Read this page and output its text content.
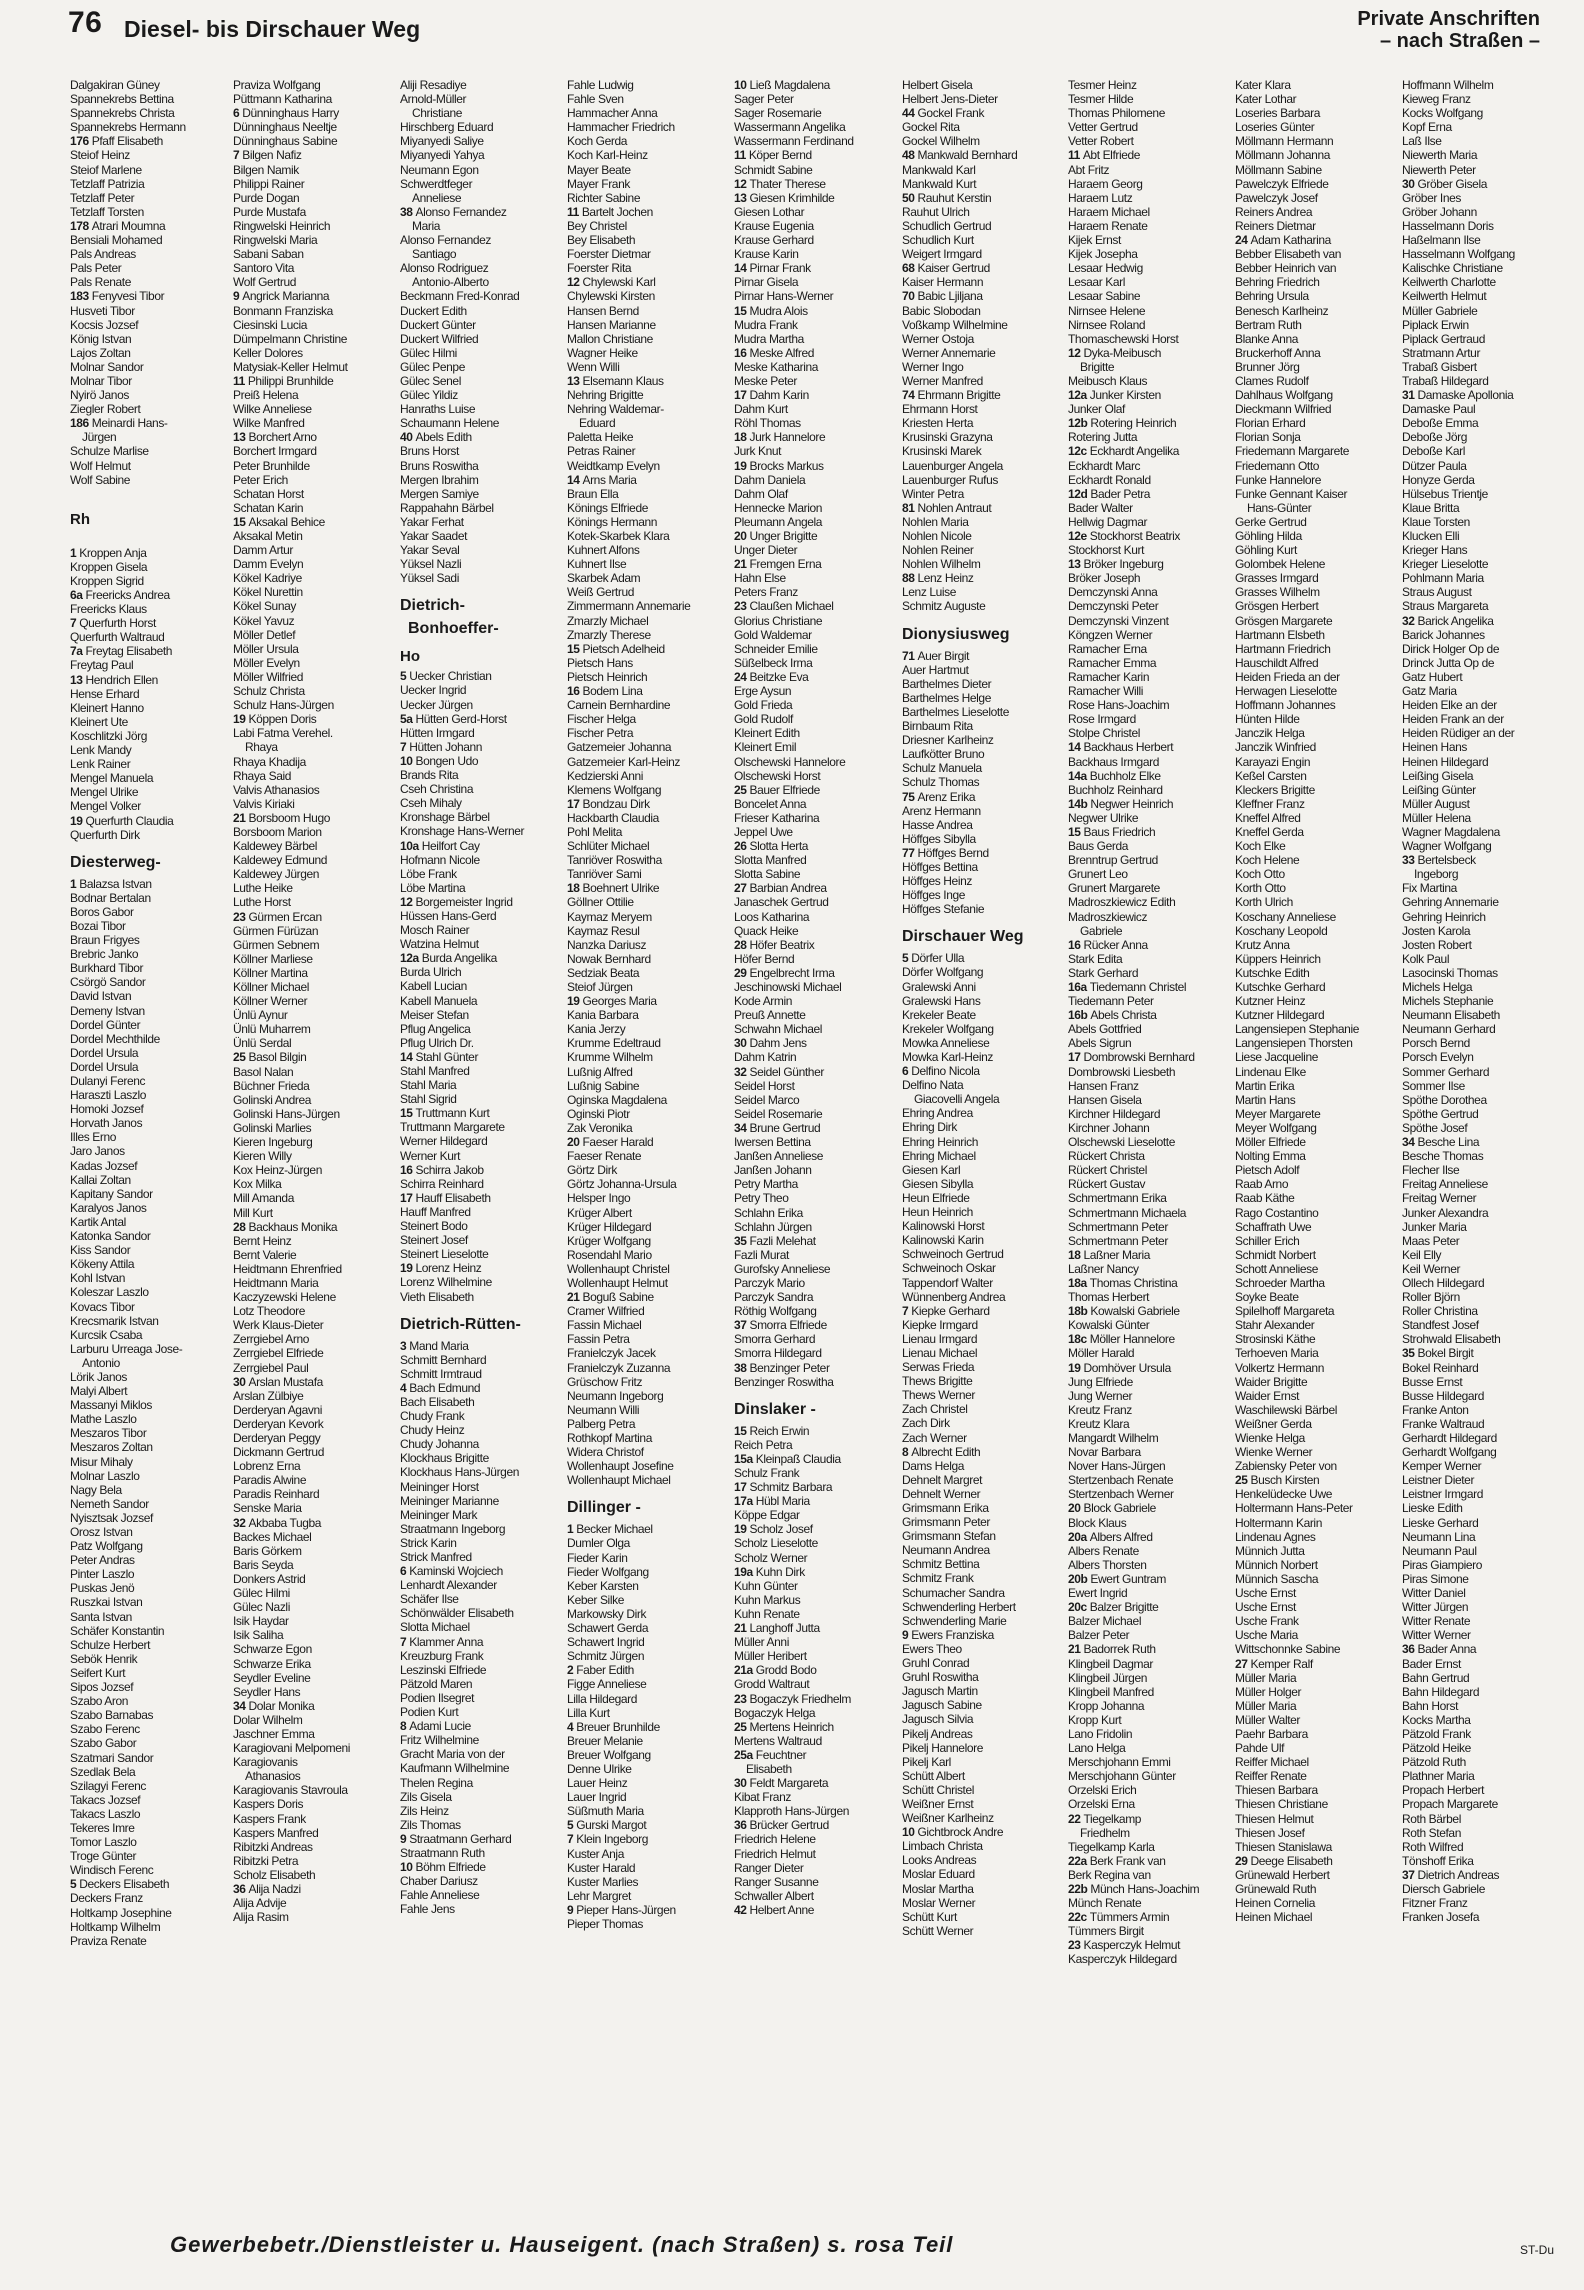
76 Diesel- bis Dirschauer Weg	Private Anschriften
– nach Straßen –
Dalgakiran Güney
Spannekrebs Bettina
Spannekrebs Christa
Spannekrebs Hermann
176 Pfaff Elisabeth
Steiof Heinz
Steiof Marlene
Tetzlaff Patrizia
Tetzlaff Peter
Tetzlaff Torsten
178 Atrari Moumna
Bensiali Mohamed
Pals Andreas
Pals Peter
Pals Renate
183 Fenyvesi Tibor
Husveti Tibor
Kocsis Jozsef
König Istvan
Lajos Zoltan
Molnar Sandor
Molnar Tibor
Nyirö Janos
Ziegler Robert
186 Meinardi Hans-
Jürgen
Schulze Marlise
Wolf Helmut
Wolf Sabine
Rh
1 Kroppen Anja
Kroppen Gisela
Kroppen Sigrid
6a Freericks Andrea
Freericks Klaus
7 Querfurth Horst
Querfurth Waltraud
7a Freytag Elisabeth
Freytag Paul
13 Hendrich Ellen
Hense Erhard
Kleinert Hanno
Kleinert Ute
Koschlitzki Jörg
Lenk Mandy
Lenk Rainer
Mengel Manuela
Mengel Ulrike
Mengel Volker
19 Querfurth Claudia
Querfurth Dirk
Diesterweg-
1 Balazsa Istvan
Bodnar Bertalan
Boros Gabor
Bozai Tibor
Braun Frigyes
Brebric Janko
Burkhard Tibor
Csörgö Sandor
David Istvan
Demeny Istvan
Dordel Günter
Dordel Mechthilde
Dordel Ursula
Dordel Ursula
Dulanyi Ferenc
Haraszti Laszlo
Homoki Jozsef
Horvath Janos
Illes Erno
Jaro Janos
Kadas Jozsef
Kallai Zoltan
Kapitany Sandor
Karalyos Janos
Kartik Antal
Katonka Sandor
Kiss Sandor
Kökeny Attila
Kohl Istvan
Koleszar Laszlo
Kovacs Tibor
Krecsmarik Istvan
Kurcsik Csaba
Larburu Urreaga Jose-
Antonio
Lörik Janos
Malyi Albert
Massanyi Miklos
Mathe Laszlo
Meszaros Tibor
Meszaros Zoltan
Misur Mihaly
Molnar Laszlo
Nagy Bela
Nemeth Sandor
Nyisztsak Jozsef
Orosz Istvan
Patz Wolfgang
Peter Andras
Pinter Laszlo
Puskas Jenö
Ruszkai Istvan
Santa Istvan
Schäfer Konstantin
Schulze Herbert
Sebök Henrik
Seifert Kurt
Sipos Jozsef
Szabo Aron
Szabo Barnabas
Szabo Ferenc
Szabo Gabor
Szatmari Sandor
Szedlak Bela
Szilagyi Ferenc
Takacs Jozsef
Takacs Laszlo
Tekeres Imre
Tomor Laszlo
Troge Günter
Windisch Ferenc
5 Deckers Elisabeth
Deckers Franz
Holtkamp Josephine
Holtkamp Wilhelm
Praviza Renate
Praviza Wolfgang
Püttmann Katharina
6 Dünninghaus Harry
Dünninghaus Neeltje
Dünninghaus Sabine
7 Bilgen Nafiz
Bilgen Namik
Philippi Rainer
Purde Dogan
Purde Mustafa
Ringwelski Heinrich
Ringwelski Maria
Sabani Saban
Santoro Vita
Wolf Gertrud
9 Angrick Marianna
Bonmann Franziska
Ciesinski Lucia
Dümpelmann Christine
Keller Dolores
Matysiak-Keller Helmut
11 Philippi Brunhilde
Preiß Helena
Wilke Anneliese
Wilke Manfred
13 Borchert Arno
Borchert Irmgard
Peter Brunhilde
Peter Erich
Schatan Horst
Schatan Karin
15 Aksakal Behice
Aksakal Metin
Damm Artur
Damm Evelyn
Kökel Kadriye
Kökel Nurettin
Kökel Sunay
Kökel Yavuz
Möller Detlef
Möller Ursula
Möller Evelyn
Möller Wilfried
Schulz Christa
Schulz Hans-Jürgen
19 Köppen Doris
Labi Fatma Verehel.
Rhaya
Rhaya Khadija
Rhaya Said
Valvis Athanasios
Valvis Kiriaki
21 Borsboom Hugo
Borsboom Marion
Kaldewey Bärbel
Kaldewey Edmund
Kaldewey Jürgen
Luthe Heike
Luthe Horst
23 Gürmen Ercan
Gürmen Fürüzan
Gürmen Sebnem
Köllner Marliese
Köllner Martina
Köllner Michael
Köllner Werner
Ünlü Aynur
Ünlü Muharrem
Ünlü Serdal
25 Basol Bilgin
Basol Nalan
Büchner Frieda
Golinski Andrea
Golinski Hans-Jürgen
Golinski Marlies
Kieren Ingeburg
Kieren Willy
Kox Heinz-Jürgen
Kox Milka
Mill Amanda
Mill Kurt
28 Backhaus Monika
Bernt Heinz
Bernt Valerie
Heidtmann Ehrenfried
Heidtmann Maria
Kaczyzewski Helene
Lotz Theodore
Werk Klaus-Dieter
Zerrgiebel Arno
Zerrgiebel Elfriede
Zerrgiebel Paul
30 Arslan Mustafa
Arslan Zülbiye
Derderyan Agavni
Derderyan Kevork
Derderyan Peggy
Dickmann Gertrud
Lobrenz Erna
Paradis Alwine
Paradis Reinhard
Senske Maria
32 Akbaba Tugba
Backes Michael
Baris Görkem
Baris Seyda
Donkers Astrid
Gülec Hilmi
Gülec Nazli
Isik Haydar
Isik Saliha
Schwarze Egon
Schwarze Erika
Seydler Eveline
Seydler Hans
34 Dolar Monika
Dolar Wilhelm
Jaschner Emma
Karagiovani Melpomeni
Karagiovanis
Athanasios
Karagiovanis Stavroula
Kaspers Doris
Kaspers Frank
Kaspers Manfred
Ribitzki Andreas
Ribitzki Petra
Scholz Elisabeth
36 Alija Nadzi
Alija Advije
Alija Rasim
Aliji Resadiye
Arnold-Müller
Christiane
Hirschberg Eduard
Miyanyedi Saliye
Miyanyedi Yahya
Neumann Egon
Schwerdtfeger
Anneliese
38 Alonso Fernandez
Maria
Alonso Fernandez
Santiago
Alonso Rodriguez
Antonio-Alberto
Beckmann Fred-Konrad
Duckert Edith
Duckert Günter
Duckert Wilfried
Gülec Hilmi
Gülec Penpe
Gülec Senel
Gülec Yildiz
Hanraths Luise
Schaumann Helene
40 Abels Edith
Bruns Horst
Bruns Roswitha
Mergen Ibrahim
Mergen Samiye
Rappahahn Bärbel
Yakar Ferhat
Yakar Saadet
Yakar Seval
Yüksel Nazli
Yüksel Sadi
Dietrich-
Bonhoeffer-
Ho
5 Uecker Christian
Uecker Ingrid
Uecker Jürgen
5a Hütten Gerd-Horst
Hütten Irmgard
7 Hütten Johann
10 Bongen Udo
Brands Rita
Cseh Christina
Cseh Mihaly
Kronshage Bärbel
Kronshage Hans-Werner
10a Heilfort Cay
Hofmann Nicole
Löbe Frank
Löbe Martina
12 Borgemeister Ingrid
Hüssen Hans-Gerd
Mosch Rainer
Watzina Helmut
12a Burda Angelika
Burda Ulrich
Kabell Lucian
Kabell Manuela
Meiser Stefan
Pflug Angelica
Pflug Ulrich Dr.
14 Stahl Günter
Stahl Manfred
Stahl Maria
Stahl Sigrid
15 Truttmann Kurt
Truttmann Margarete
Werner Hildegard
Werner Kurt
16 Schirra Jakob
Schirra Reinhard
17 Hauff Elisabeth
Hauff Manfred
Steinert Bodo
Steinert Josef
Steinert Lieselotte
19 Lorenz Heinz
Lorenz Wilhelmine
Vieth Elisabeth
Dietrich-Rütten-
3 Mand Maria
Schmitt Bernhard
Schmitt Irmtraud
4 Bach Edmund
Bach Elisabeth
Chudy Frank
Chudy Heinz
Chudy Johanna
Klockhaus Brigitte
Klockhaus Hans-Jürgen
Meininger Horst
Meininger Marianne
Meininger Mark
Straatmann Ingeborg
Strick Karin
Strick Manfred
6 Kaminski Wojciech
Lenhardt Alexander
Schäfer Ilse
Schönwälder Elisabeth
Slotta Michael
7 Klammer Anna
Kreuzburg Frank
Leszinski Elfriede
Pätzold Maren
Podien Ilsegret
Podien Kurt
8 Adami Lucie
Fritz Wilhelmine
Gracht Maria von der
Kaufmann Wilhelmine
Thelen Regina
Zils Gisela
Zils Heinz
Zils Thomas
9 Straatmann Gerhard
Straatmann Ruth
10 Böhm Elfriede
Chaber Dariusz
Fahle Anneliese
Fahle Jens
Fahle Ludwig
Fahle Sven
Hammacher Anna
Hammacher Friedrich
Koch Gerda
Koch Karl-Heinz
Mayer Beate
Mayer Frank
Richter Sabine
11 Bartelt Jochen
Bey Christel
Bey Elisabeth
Foerster Dietmar
Foerster Rita
12 Chylewski Karl
Chylewski Kirsten
Hansen Bernd
Hansen Marianne
Mallon Christiane
Wagner Heike
Wenn Willi
13 Elsemann Klaus
Nehring Brigitte
Nehring Waldemar-
Eduard
Paletta Heike
Petras Rainer
Weidtkamp Evelyn
14 Arns Maria
Braun Ella
Könings Elfriede
Könings Hermann
Kotek-Skarbek Klara
Kuhnert Alfons
Kuhnert Ilse
Skarbek Adam
Weiß Gertrud
Zimmermann Annemarie
Zmarzly Michael
Zmarzly Therese
15 Pietsch Adelheid
Pietsch Hans
Pietsch Heinrich
16 Bodem Lina
Carnein Bernhardine
Fischer Helga
Fischer Petra
Gatzemeier Johanna
Gatzemeier Karl-Heinz
Kedzierski Anni
Klemens Wolfgang
17 Bondzau Dirk
Hackbarth Claudia
Pohl Melita
Schlüter Michael
Tanriöver Roswitha
Tanriöver Sami
18 Boehnert Ulrike
Göllner Ottilie
Kaymaz Meryem
Kaymaz Resul
Nanzka Dariusz
Nowak Bernhard
Sedziak Beata
Steiof Jürgen
19 Georges Maria
Kania Barbara
Kania Jerzy
Krumme Edeltraud
Krumme Wilhelm
Lußnig Alfred
Lußnig Sabine
Oginska Magdalena
Oginski Piotr
Zak Veronika
20 Faeser Harald
Faeser Renate
Görtz Dirk
Görtz Johanna-Ursula
Helsper Ingo
Krüger Albert
Krüger Hildegard
Krüger Wolfgang
Rosendahl Mario
Wollenhaupt Christel
Wollenhaupt Helmut
21 Boguß Sabine
Cramer Wilfried
Fassin Michael
Fassin Petra
Franielczyk Jacek
Franielczyk Zuzanna
Grüschow Fritz
Neumann Ingeborg
Neumann Willi
Palberg Petra
Rothkopf Martina
Widera Christof
Wollenhaupt Josefine
Wollenhaupt Michael
Dillinger -
1 Becker Michael
Dumler Olga
Fieder Karin
Fieder Wolfgang
Keber Karsten
Keber Silke
Markowsky Dirk
Schawert Gerda
Schawert Ingrid
Schmitz Jürgen
2 Faber Edith
Figge Anneliese
Lilla Hildegard
Lilla Kurt
4 Breuer Brunhilde
Breuer Melanie
Breuer Wolfgang
Denne Ulrike
Lauer Heinz
Lauer Ingrid
Süßmuth Maria
5 Gurski Margot
7 Klein Ingeborg
Kuster Anja
Kuster Harald
Kuster Marlies
Lehr Margret
9 Pieper Hans-Jürgen
Pieper Thomas
10 Ließ Magdalena
Sager Peter
Sager Rosemarie
Wassermann Angelika
Wassermann Ferdinand
11 Köper Bernd
Schmidt Sabine
12 Thater Therese
13 Giesen Krimhilde
Giesen Lothar
Krause Eugenia
Krause Gerhard
Krause Karin
14 Pirnar Frank
Pirnar Gisela
Pirnar Hans-Werner
15 Mudra Alois
Mudra Frank
Mudra Martha
16 Meske Alfred
Meske Katharina
Meske Peter
17 Dahm Karin
Dahm Kurt
Röhl Thomas
18 Jurk Hannelore
Jurk Knut
19 Brocks Markus
Dahm Daniela
Dahm Olaf
Hennecke Marion
Pleumann Angela
20 Unger Brigitte
Unger Dieter
21 Fremgen Erna
Hahn Else
Peters Franz
23 Claußen Michael
Glorius Christiane
Gold Waldemar
Schneider Emilie
Süßelbeck Irma
24 Beitzke Eva
Erge Aysun
Gold Frieda
Gold Rudolf
Kleinert Edith
Kleinert Emil
Olschewski Hannelore
Olschewski Horst
25 Bauer Elfriede
Boncelet Anna
Frieser Katharina
Jeppel Uwe
26 Slotta Herta
Slotta Manfred
Slotta Sabine
27 Barbian Andrea
Janaschek Gertrud
Loos Katharina
Quack Heike
28 Höfer Beatrix
Höfer Bernd
29 Engelbrecht Irma
Jeschinowski Michael
Kode Armin
Preuß Annette
Schwahn Michael
30 Dahm Jens
Dahm Katrin
32 Seidel Günther
Seidel Horst
Seidel Marco
Seidel Rosemarie
34 Brune Gertrud
Iwersen Bettina
Janßen Anneliese
Janßen Johann
Petry Martha
Petry Theo
Schlahn Erika
Schlahn Jürgen
35 Fazli Melehat
Fazli Murat
Gurofsky Anneliese
Parczyk Mario
Parczyk Sandra
Röthig Wolfgang
37 Smorra Elfriede
Smorra Gerhard
Smorra Hildegard
38 Benzinger Peter
Benzinger Roswitha
Dinslaker -
15 Reich Erwin
Reich Petra
15a Kleinpaß Claudia
Schulz Frank
17 Schmitz Barbara
17a Hübl Maria
Köppe Edgar
19 Scholz Josef
Scholz Lieselotte
Scholz Werner
19a Kuhn Dirk
Kuhn Günter
Kuhn Markus
Kuhn Renate
21 Langhoff Jutta
Müller Anni
Müller Heribert
21a Grodd Bodo
Grodd Waltraut
23 Bogaczyk Friedhelm
Bogaczyk Helga
25 Mertens Heinrich
Mertens Waltraud
25a Feuchtner
Elisabeth
30 Feldt Margareta
Kibat Franz
Klapproth Hans-Jürgen
36 Brücker Gertrud
Friedrich Helene
Friedrich Helmut
Ranger Dieter
Ranger Susanne
Schwaller Albert
42 Helbert Anne
Helbert Gisela
Helbert Jens-Dieter
44 Gockel Frank
Gockel Rita
Gockel Wilhelm
48 Mankwald Bernhard
Mankwald Karl
Mankwald Kurt
50 Rauhut Kerstin
Rauhut Ulrich
Schudlich Gertrud
Schudlich Kurt
Weigert Irmgard
68 Kaiser Gertrud
Kaiser Hermann
70 Babic Ljiljana
Babic Slobodan
Voßkamp Wilhelmine
Werner Ostoja
Werner Annemarie
Werner Ingo
Werner Manfred
74 Ehrmann Brigitte
Ehrmann Horst
Kriesten Herta
Krusinski Grazyna
Krusinski Marek
Lauenburger Angela
Lauenburger Rufus
Winter Petra
81 Nohlen Antraut
Nohlen Maria
Nohlen Nicole
Nohlen Reiner
Nohlen Wilhelm
88 Lenz Heinz
Lenz Luise
Schmitz Auguste
Dionysiusweg
71 Auer Birgit
Auer Hartmut
Barthelmes Dieter
Barthelmes Helge
Barthelmes Lieselotte
Birnbaum Rita
Driesner Karlheinz
Laufkötter Bruno
Schulz Manuela
Schulz Thomas
75 Arenz Erika
Arenz Hermann
Hasse Andrea
Höffges Sibylla
77 Höffges Bernd
Höffges Bettina
Höffges Heinz
Höffges Inge
Höffges Stefanie
Dirschauer Weg
5 Dörfer Ulla
Dörfer Wolfgang
Gralewski Anni
Gralewski Hans
Krekeler Beate
Krekeler Wolfgang
Mowka Anneliese
Mowka Karl-Heinz
6 Delfino Nicola
Delfino Nata
Giacovelli Angela
Ehring Andrea
Ehring Dirk
Ehring Heinrich
Ehring Michael
Giesen Karl
Giesen Sibylla
Heun Elfriede
Heun Heinrich
Kalinowski Horst
Kalinowski Karin
Schweinoch Gertrud
Schweinoch Oskar
Tappendorf Walter
Wünnenberg Andrea
7 Kiepke Gerhard
Kiepke Irmgard
Lienau Irmgard
Lienau Michael
Serwas Frieda
Thews Brigitte
Thews Werner
Zach Christel
Zach Dirk
Zach Werner
8 Albrecht Edith
Dams Helga
Dehnelt Margret
Dehnelt Werner
Grimsmann Erika
Grimsmann Peter
Grimsmann Stefan
Neumann Andrea
Schmitz Bettina
Schmitz Frank
Schumacher Sandra
Schwenderling Herbert
Schwenderling Marie
9 Ewers Franziska
Ewers Theo
Gruhl Conrad
Gruhl Roswitha
Jagusch Martin
Jagusch Sabine
Jagusch Silvia
Pikelj Andreas
Pikelj Hannelore
Pikelj Karl
Schütt Albert
Schütt Christel
Weißner Ernst
Weißner Karlheinz
10 Gichtbrock Andre
Limbach Christa
Looks Andreas
Moslar Eduard
Moslar Martha
Moslar Werner
Schütt Kurt
Schütt Werner
Tesmer Heinz
Tesmer Hilde
Thomas Philomene
Vetter Gertrud
Vetter Robert
11 Abt Elfriede
Abt Fritz
Haraem Georg
Haraem Lutz
Haraem Michael
Haraem Renate
Kijek Ernst
Kijek Josepha
Lesaar Hedwig
Lesaar Karl
Lesaar Sabine
Nirnsee Helene
Nirnsee Roland
Thomaschewski Horst
12 Dyka-Meibusch
Brigitte
Meibusch Klaus
12a Junker Kirsten
Junker Olaf
12b Rotering Heinrich
Rotering Jutta
12c Eckhardt Angelika
Eckhardt Marc
Eckhardt Ronald
12d Bader Petra
Bader Walter
Hellwig Dagmar
12e Stockhorst Beatrix
Stockhorst Kurt
13 Bröker Ingeburg
Bröker Joseph
Demczynski Anna
Demczynski Peter
Demczynski Vinzent
Köngzen Werner
Ramacher Erna
Ramacher Emma
Ramacher Karin
Ramacher Willi
Rose Hans-Joachim
Rose Irmgard
Stolpe Christel
14 Backhaus Herbert
Backhaus Irmgard
14a Buchholz Elke
Buchholz Reinhard
14b Negwer Heinrich
Negwer Ulrike
15 Baus Friedrich
Baus Gerda
Brenntrup Gertrud
Grunert Leo
Grunert Margarete
Madroszkiewicz Edith
Madroszkiewicz
Gabriele
16 Rücker Anna
Stark Edita
Stark Gerhard
16a Tiedemann Christel
Tiedemann Peter
16b Abels Christa
Abels Gottfried
Abels Sigrun
17 Dombrowski Bernhard
Dombrowski Liesbeth
Hansen Franz
Hansen Gisela
Kirchner Hildegard
Kirchner Johann
Olschewski Lieselotte
Rückert Christa
Rückert Christel
Rückert Gustav
Schmertmann Erika
Schmertmann Michaela
Schmertmann Peter
Schmertmann Peter
18 Laßner Maria
Laßner Nancy
18a Thomas Christina
Thomas Herbert
18b Kowalski Gabriele
Kowalski Günter
18c Möller Hannelore
Möller Harald
19 Domhöver Ursula
Jung Elfriede
Jung Werner
Kreutz Franz
Kreutz Klara
Mangardt Wilhelm
Novar Barbara
Nover Hans-Jürgen
Stertzenbach Renate
Stertzenbach Werner
20 Block Gabriele
Block Klaus
20a Albers Alfred
Albers Renate
Albers Thorsten
20b Ewert Guntram
Ewert Ingrid
20c Balzer Brigitte
Balzer Michael
Balzer Peter
21 Badorrek Ruth
Klingbeil Dagmar
Klingbeil Jürgen
Klingbeil Manfred
Kropp Johanna
Kropp Kurt
Lano Fridolin
Lano Helga
Merschjohann Emmi
Merschjohann Günter
Orzelski Erich
Orzelski Erna
22 Tiegelkamp
Friedhelm
Tiegelkamp Karla
22a Berk Frank van
Berk Regina van
22b Münch Hans-Joachim
Münch Renate
22c Tümmers Armin
Tümmers Birgit
23 Kasperczyk Helmut
Kasperczyk Hildegard
Kater Klara
Kater Lothar
Loseries Barbara
Loseries Günter
Möllmann Hermann
Möllmann Johanna
Möllmann Sabine
Pawelczyk Elfriede
Pawelczyk Josef
Reiners Andrea
Reiners Dietmar
24 Adam Katharina
Bebber Elisabeth van
Bebber Heinrich van
Behring Friedrich
Behring Ursula
Benesch Karlheinz
Bertram Ruth
Blanke Anna
Bruckerhoff Anna
Brunner Jörg
Clames Rudolf
Dahlhaus Wolfgang
Dieckmann Wilfried
Florian Erhard
Florian Sonja
Friedemann Margarete
Friedemann Otto
Funke Hannelore
Funke Gennant Kaiser
Hans-Günter
Gerke Gertrud
Göhling Hilda
Göhling Kurt
Golombek Helene
Grasses Irmgard
Grasses Wilhelm
Grösgen Herbert
Grösgen Margarete
Hartmann Elsbeth
Hartmann Friedrich
Hauschildt Alfred
Heiden Frieda an der
Herwagen Lieselotte
Hoffmann Johannes
Hünten Hilde
Janczik Helga
Janczik Winfried
Karayazi Engin
Keßel Carsten
Kleckers Brigitte
Kleffner Franz
Kneffel Alfred
Kneffel Gerda
Koch Elke
Koch Helene
Koch Otto
Korth Otto
Korth Ulrich
Koschany Anneliese
Koschany Leopold
Krutz Anna
Küppers Heinrich
Kutschke Edith
Kutschke Gerhard
Kutzner Heinz
Kutzner Hildegard
Langensiepen Stephanie
Langensiepen Thorsten
Liese Jacqueline
Lindenau Elke
Martin Erika
Martin Hans
Meyer Margarete
Meyer Wolfgang
Möller Elfriede
Nolting Emma
Pietsch Adolf
Raab Arno
Raab Käthe
Rago Costantino
Schaffrath Uwe
Schiller Erich
Schmidt Norbert
Schott Anneliese
Schroeder Martha
Soyke Beate
Spilelhoff Margareta
Stahr Alexander
Strosinski Käthe
Terhoeven Maria
Volkertz Hermann
Waider Brigitte
Waider Ernst
Waschilewski Bärbel
Weißner Gerda
Wienke Helga
Wienke Werner
Zabiensky Peter von
25 Busch Kirsten
Henkelüdecke Uwe
Holtermann Hans-Peter
Holtermann Karin
Lindenau Agnes
Münnich Jutta
Münnich Norbert
Münnich Sascha
Usche Ernst
Usche Ernst
Usche Frank
Usche Maria
Wittschonnke Sabine
27 Kemper Ralf
Müller Maria
Müller Holger
Müller Maria
Müller Walter
Paehr Barbara
Pahde Ulf
Reiffer Michael
Reiffer Renate
Thiesen Barbara
Thiesen Christiane
Thiesen Helmut
Thiesen Josef
Thiesen Stanislawa
29 Deege Elisabeth
Grünewald Herbert
Grünewald Ruth
Heinen Cornelia
Heinen Michael
Hoffmann Wilhelm
Kieweg Franz
Kocks Wolfgang
Kopf Erna
Laß Ilse
Niewerth Maria
Niewerth Peter
30 Gröber Gisela
Gröber Ines
Gröber Johann
Hasselmann Doris
Haßelmann Ilse
Hasselmann Wolfgang
Kalischke Christiane
Keilwerth Charlotte
Keilwerth Helmut
Müller Gabriele
Piplack Erwin
Piplack Gertraud
Stratmann Artur
Trabaß Gisbert
Trabaß Hildegard
31 Damaske Apollonia
Damaske Paul
Deboße Emma
Deboße Jörg
Deboße Karl
Dützer Paula
Honyze Gerda
Hülsebus Trientje
Klaue Britta
Klaue Torsten
Klucken Elli
Krieger Hans
Krieger Lieselotte
Pohlmann Maria
Straus August
Straus Margareta
32 Barick Angelika
Barick Johannes
Dirick Holger Op de
Drinck Jutta Op de
Gatz Hubert
Gatz Maria
Heiden Elke an der
Heiden Frank an der
Heiden Rüdiger an der
Heinen Hans
Heinen Hildegard
Leißing Gisela
Leißing Günter
Müller August
Müller Helena
Wagner Magdalena
Wagner Wolfgang
33 Bertelsbeck
Ingeborg
Fix Martina
Gehring Annemarie
Gehring Heinrich
Josten Karola
Josten Robert
Kolk Paul
Lasocinski Thomas
Michels Helga
Michels Stephanie
Neumann Elisabeth
Neumann Gerhard
Porsch Bernd
Porsch Evelyn
Sommer Gerhard
Sommer Ilse
Spöthe Dorothea
Spöthe Gertrud
Spöthe Josef
34 Besche Lina
Besche Thomas
Flecher Ilse
Freitag Anneliese
Freitag Werner
Junker Alexandra
Junker Maria
Maas Peter
Keil Elly
Keil Werner
Ollech Hildegard
Roller Björn
Roller Christina
Standfest Josef
Strohwald Elisabeth
35 Bokel Birgit
Bokel Reinhard
Busse Ernst
Busse Hildegard
Franke Anton
Franke Waltraud
Gerhardt Hildegard
Gerhardt Wolfgang
Kemper Werner
Leistner Dieter
Leistner Irmgard
Lieske Edith
Lieske Gerhard
Neumann Lina
Neumann Paul
Piras Giampiero
Piras Simone
Witter Daniel
Witter Jürgen
Witter Renate
Witter Werner
36 Bader Anna
Bader Ernst
Bahn Gertrud
Bahn Hildegard
Bahn Horst
Kocks Martha
Pätzold Frank
Pätzold Heike
Pätzold Ruth
Plathner Maria
Propach Herbert
Propach Margarete
Roth Bärbel
Roth Stefan
Roth Wilfred
Tönshoff Erika
37 Dietrich Andreas
Diersch Gabriele
Fitzner Franz
Franken Josefa
Gewerbebetr./Dienstleister u. Hauseigent. (nach Straßen) s. rosa Teil	ST-Du
